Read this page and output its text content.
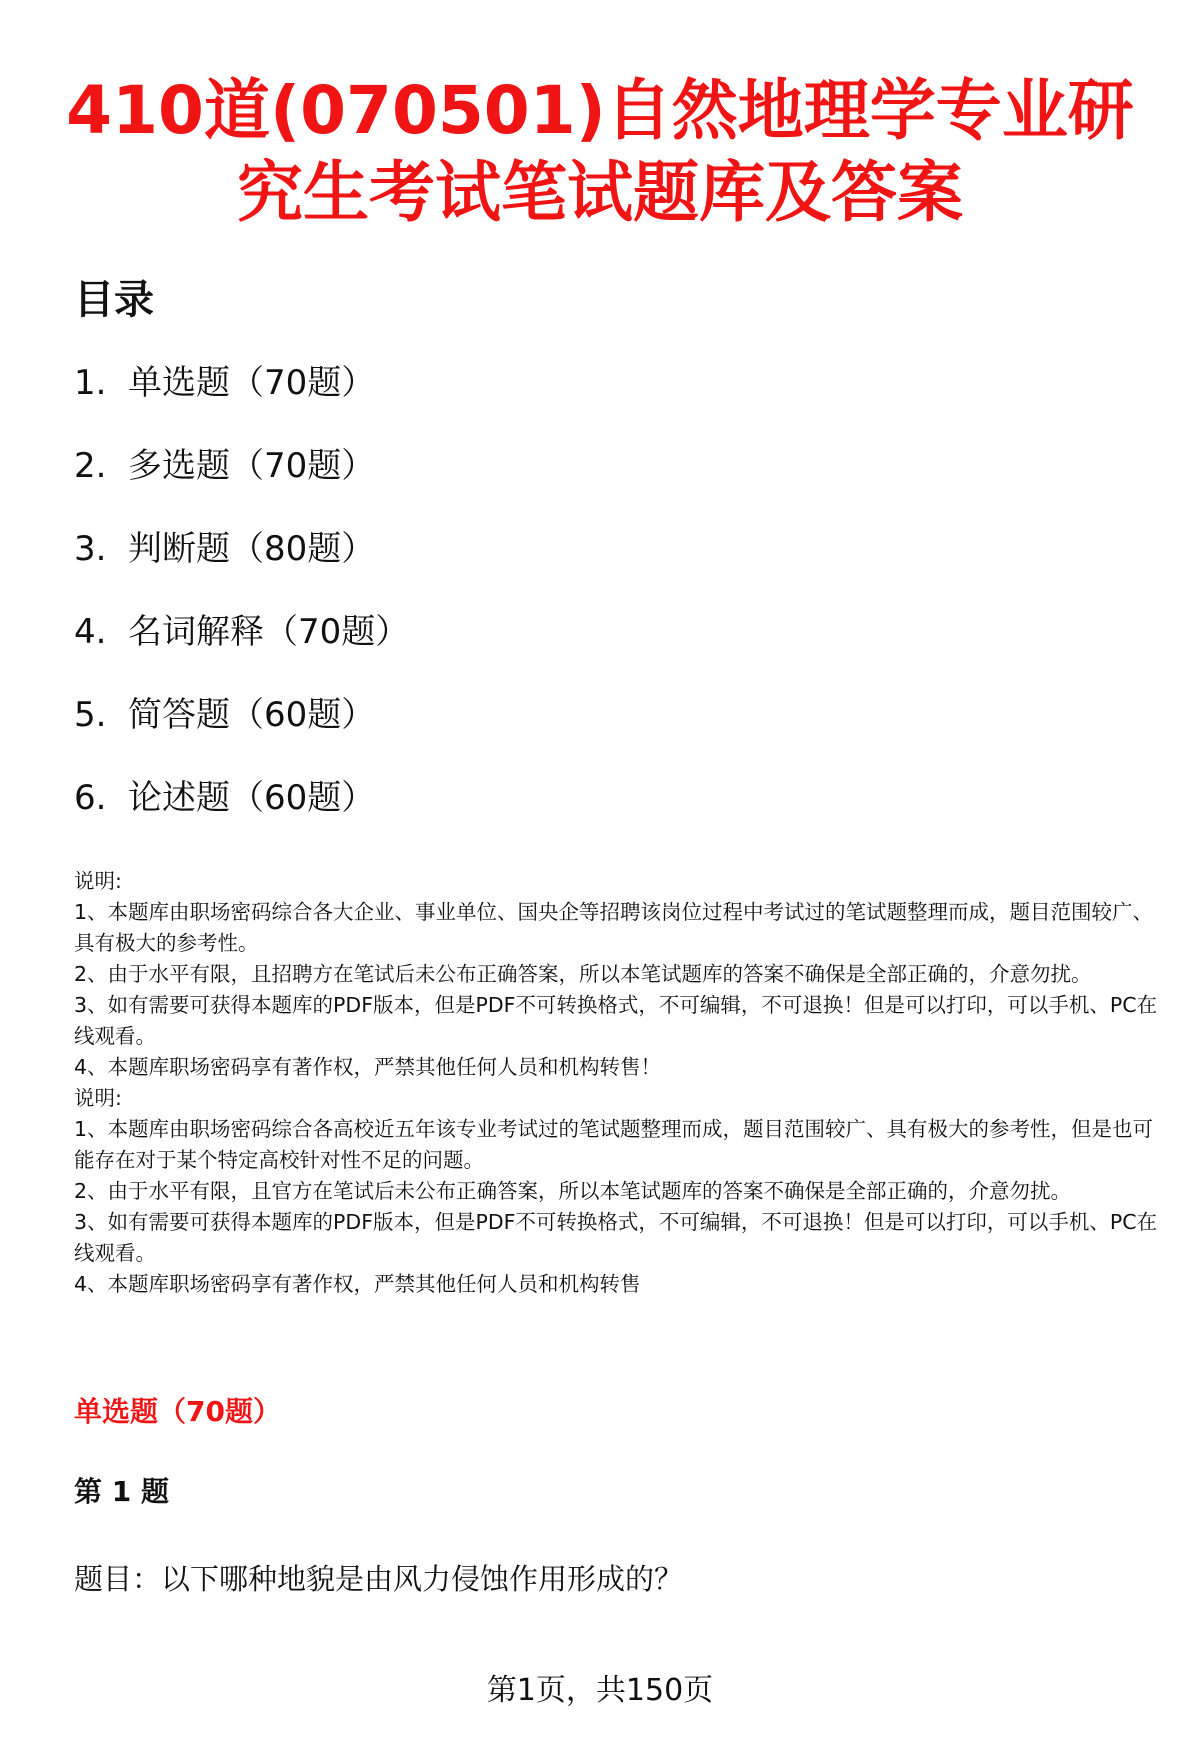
410道(070501)自然地理学专业研究生考试笔试题库及答案
目录
1. 单选题（70题）
2. 多选题（70题）
3. 判断题（80题）
4. 名词解释（70题）
5. 简答题（60题）
6. 论述题（60题）

说明:

1、本题库由职场密码综合各大企业、事业单位、国央企等招聘该岗位过程中考试过的笔试题整理而成，题目范围较广、具有极大的参考性。

2、由于水平有限，且招聘方在笔试后未公布正确答案，所以本笔试题库的答案不确保是全部正确的，介意勿扰。

3、如有需要可获得本题库的PDF版本，但是PDF不可转换格式，不可编辑，不可退换！但是可以打印，可以手机、PC在线观看。

4、本题库职场密码享有著作权，严禁其他任何人员和机构转售！

说明:

1、本题库由职场密码综合各高校近五年该专业考试过的笔试题整理而成，题目范围较广、具有极大的参考性，但是也可能存在对于某个特定高校针对性不足的问题。

2、由于水平有限，且官方在笔试后未公布正确答案，所以本笔试题库的答案不确保是全部正确的，介意勿扰。

3、如有需要可获得本题库的PDF版本，但是PDF不可转换格式，不可编辑，不可退换！但是可以打印，可以手机、PC在线观看。

4、本题库职场密码享有著作权，严禁其他任何人员和机构转售

单选题（70题）
第 1 题
题目：以下哪种地貌是由风力侵蚀作用形成的？
第1页，共150页
